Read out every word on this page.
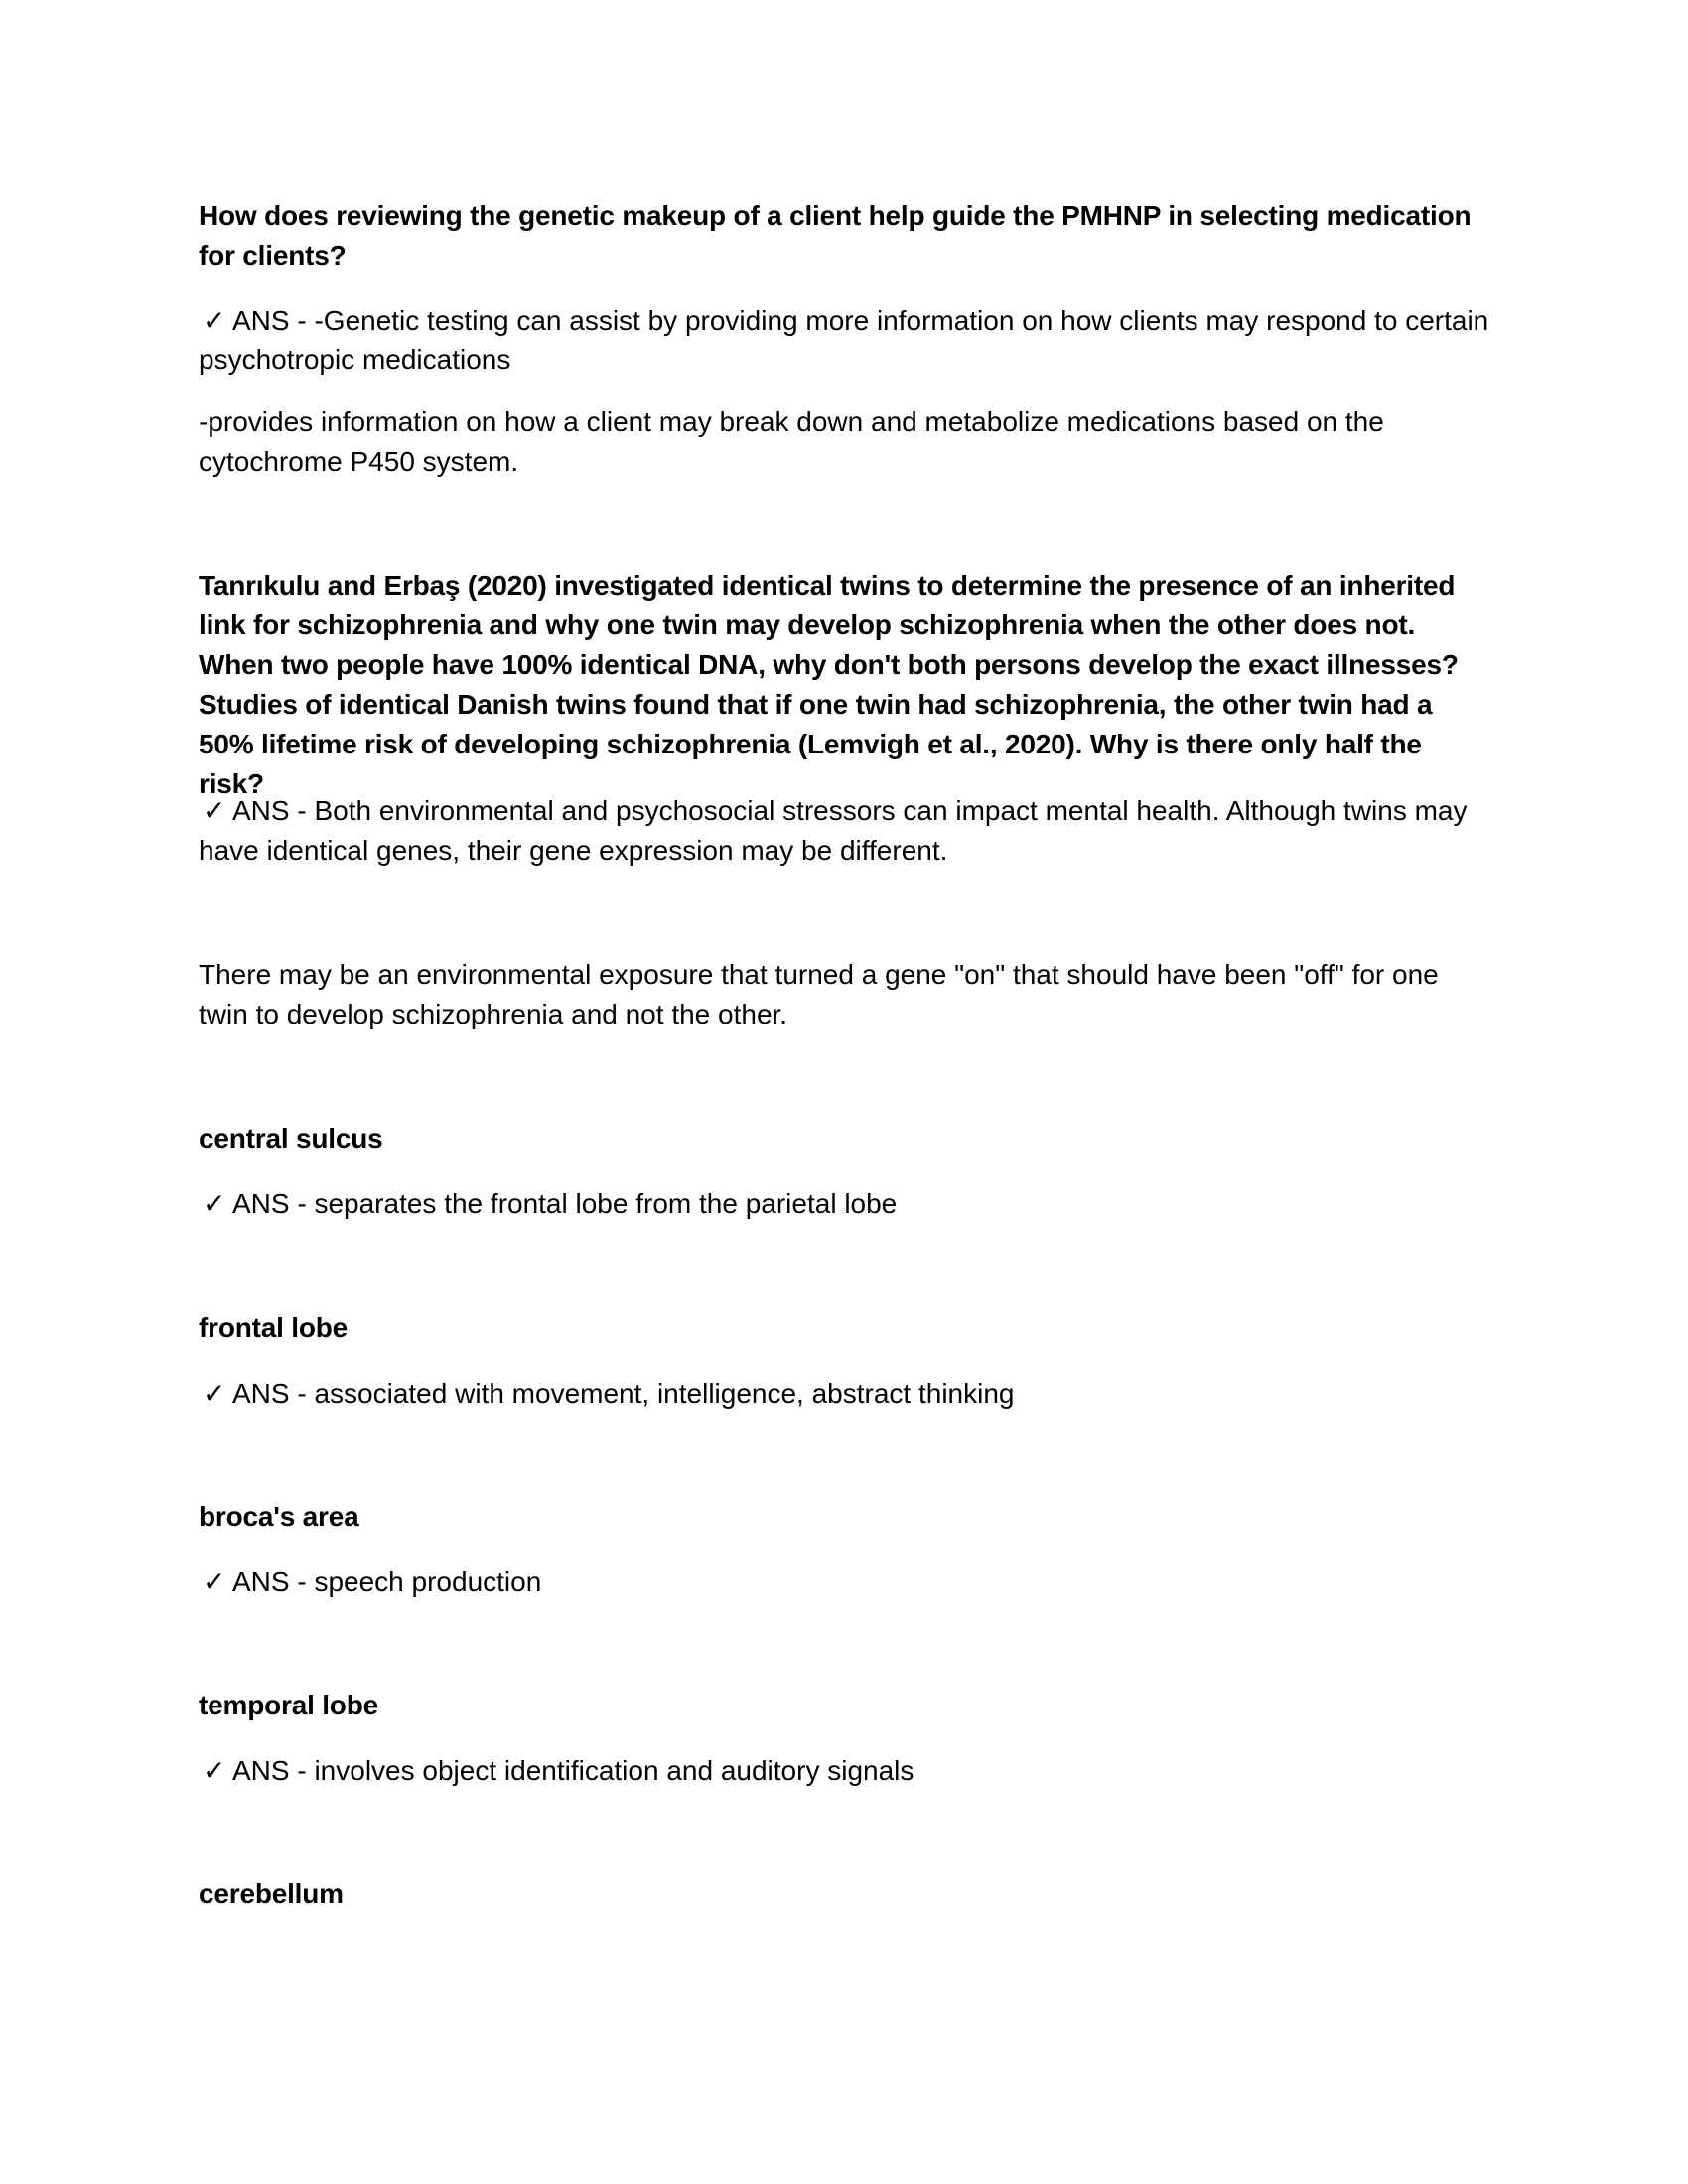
How does reviewing the genetic makeup of a client help guide the PMHNP in selecting medication for clients?

✓ ANS - -Genetic testing can assist by providing more information on how clients may respond to certain psychotropic medications

-provides information on how a client may break down and metabolize medications based on the cytochrome P450 system.

Tanrıkulu and Erbaş (2020) investigated identical twins to determine the presence of an inherited link for schizophrenia and why one twin may develop schizophrenia when the other does not. When two people have 100% identical DNA, why don't both persons develop the exact illnesses? Studies of identical Danish twins found that if one twin had schizophrenia, the other twin had a 50% lifetime risk of developing schizophrenia (Lemvigh et al., 2020). Why is there only half the risk?

✓ ANS - Both environmental and psychosocial stressors can impact mental health. Although twins may have identical genes, their gene expression may be different.

There may be an environmental exposure that turned a gene "on" that should have been "off" for one twin to develop schizophrenia and not the other.

central sulcus

✓ ANS - separates the frontal lobe from the parietal lobe

frontal lobe

✓ ANS - associated with movement, intelligence, abstract thinking

broca's area

✓ ANS - speech production

temporal lobe

✓ ANS - involves object identification and auditory signals

cerebellum
